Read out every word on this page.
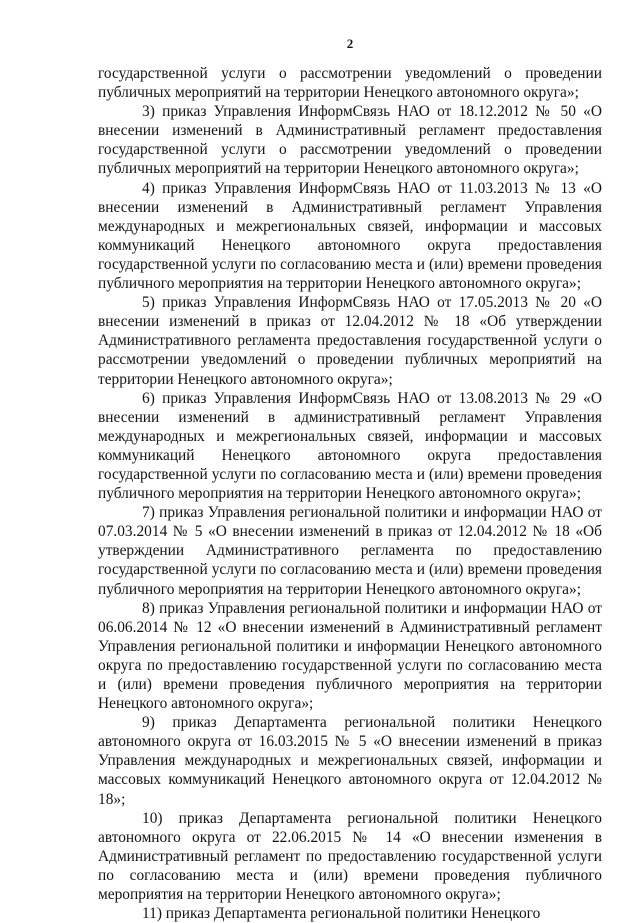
2

государственной услуги о рассмотрении уведомлений о проведении публичных мероприятий на территории Ненецкого автономного округа»;

3) приказ Управления ИнформСвязь НАО от 18.12.2012 № 50 «О внесении изменений в Административный регламент предоставления государственной услуги о рассмотрении уведомлений о проведении публичных мероприятий на территории Ненецкого автономного округа»;

4) приказ Управления ИнформСвязь НАО от 11.03.2013 № 13 «О внесении изменений в Административный регламент Управления международных и межрегиональных связей, информации и массовых коммуникаций Ненецкого автономного округа предоставления государственной услуги по согласованию места и (или) времени проведения публичного мероприятия на территории Ненецкого автономного округа»;

5) приказ Управления ИнформСвязь НАО от 17.05.2013 № 20 «О внесении изменений в приказ от 12.04.2012 № 18 «Об утверждении Административного регламента предоставления государственной услуги о рассмотрении уведомлений о проведении публичных мероприятий на территории Ненецкого автономного округа»;

6) приказ Управления ИнформСвязь НАО от 13.08.2013 № 29 «О внесении изменений в административный регламент Управления международных и межрегиональных связей, информации и массовых коммуникаций Ненецкого автономного округа предоставления государственной услуги по согласованию места и (или) времени проведения публичного мероприятия на территории Ненецкого автономного округа»;

7) приказ Управления региональной политики и информации НАО от 07.03.2014 № 5 «О внесении изменений в приказ от 12.04.2012 № 18 «Об утверждении Административного регламента по предоставлению государственной услуги по согласованию места и (или) времени проведения публичного мероприятия на территории Ненецкого автономного округа»;

8) приказ Управления региональной политики и информации НАО от 06.06.2014 № 12 «О внесении изменений в Административный регламент Управления региональной политики и информации Ненецкого автономного округа по предоставлению государственной услуги по согласованию места и (или) времени проведения публичного мероприятия на территории Ненецкого автономного округа»;

9) приказ Департамента региональной политики Ненецкого автономного округа от 16.03.2015 № 5 «О внесении изменений в приказ Управления международных и межрегиональных связей, информации и массовых коммуникаций Ненецкого автономного округа от 12.04.2012 № 18»;

10) приказ Департамента региональной политики Ненецкого автономного округа от 22.06.2015 № 14 «О внесении изменения в Административный регламент по предоставлению государственной услуги по согласованию места и (или) времени проведения публичного мероприятия на территории Ненецкого автономного округа»;

11) приказ Департамента региональной политики Ненецкого
